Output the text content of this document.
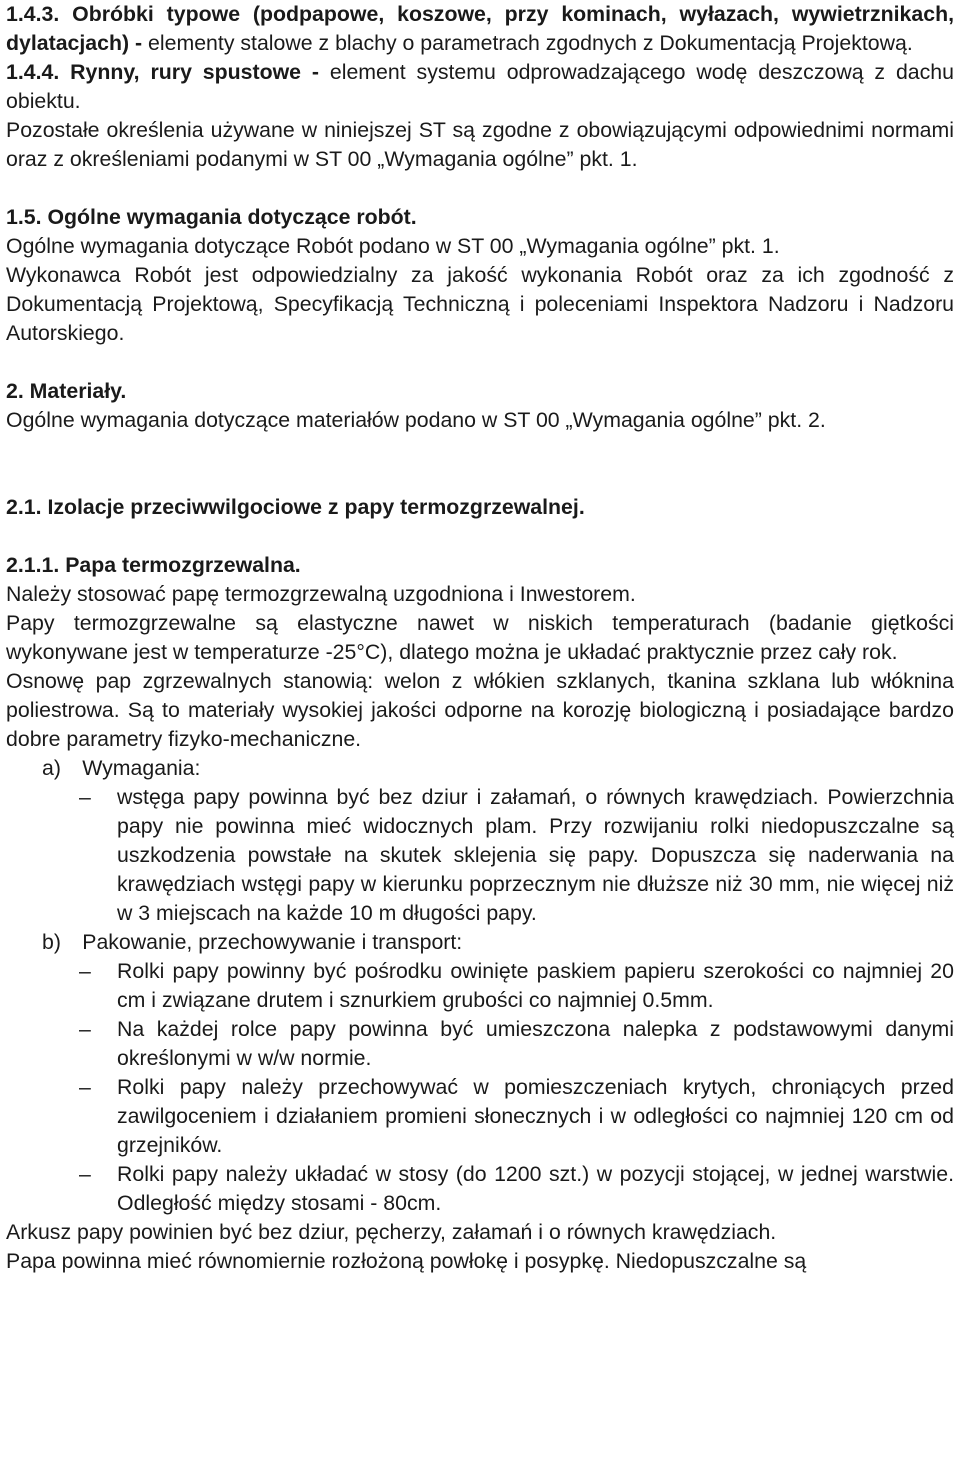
1.4.3. Obróbki typowe (podpapowe, koszowe, przy kominach, wyłazach, wywietrznikach, dylatacjach) - elementy stalowe z blachy o parametrach zgodnych z Dokumentacją Projektową.

1.4.4. Rynny, rury spustowe - element systemu odprowadzającego wodę deszczową z dachu obiektu.

Pozostałe określenia używane w niniejszej ST są zgodne z obowiązującymi odpowiednimi normami oraz z określeniami podanymi w ST 00 „Wymagania ogólne” pkt. 1.

1.5. Ogólne wymagania dotyczące robót.

Ogólne wymagania dotyczące Robót podano w ST 00 „Wymagania ogólne” pkt. 1.

Wykonawca Robót jest odpowiedzialny za jakość wykonania Robót oraz za ich zgodność z Dokumentacją Projektową, Specyfikacją Techniczną i poleceniami Inspektora Nadzoru i Nadzoru Autorskiego.

2. Materiały.

Ogólne wymagania dotyczące materiałów podano w ST 00 „Wymagania ogólne” pkt. 2.

2.1. Izolacje przeciwwilgociowe z papy termozgrzewalnej.

2.1.1. Papa termozgrzewalna.

Należy stosować papę termozgrzewalną uzgodniona i Inwestorem.

Papy termozgrzewalne są elastyczne nawet w niskich temperaturach (badanie giętkości wykonywane jest w temperaturze -25°C), dlatego można je układać praktycznie przez cały rok.

Osnowę pap zgrzewalnych stanowią: welon z włókien szklanych, tkanina szklana lub włóknina poliestrowa. Są to materiały wysokiej jakości odporne na korozję biologiczną i posiadające bardzo dobre parametry fizyko-mechaniczne.

a) Wymagania:

– wstęga papy powinna być bez dziur i załamań, o równych krawędziach. Powierzchnia papy nie powinna mieć widocznych plam. Przy rozwijaniu rolki niedopuszczalne są uszkodzenia powstałe na skutek sklejenia się papy. Dopuszcza się naderwania na krawędziach wstęgi papy w kierunku poprzecznym nie dłuższe niż 30 mm, nie więcej niż w 3 miejscach na każde 10 m długości papy.

b) Pakowanie, przechowywanie i transport:

– Rolki papy powinny być pośrodku owinięte paskiem papieru szerokości co najmniej 20 cm i związane drutem i sznurkiem grubości co najmniej 0.5mm.
– Na każdej rolce papy powinna być umieszczona nalepka z podstawowymi danymi określonymi w w/w normie.
– Rolki papy należy przechowywać w pomieszczeniach krytych, chroniących przed zawilgoceniem i działaniem promieni słonecznych i w odległości co najmniej 120 cm od grzejników.
– Rolki papy należy układać w stosy (do 1200 szt.) w pozycji stojącej, w jednej warstwie. Odległość między stosami - 80cm.

Arkusz papy powinien być bez dziur, pęcherzy, załamań i o równych krawędziach.

Papa powinna mieć równomiernie rozłożoną powłokę i posypkę. Niedopuszczalne są
